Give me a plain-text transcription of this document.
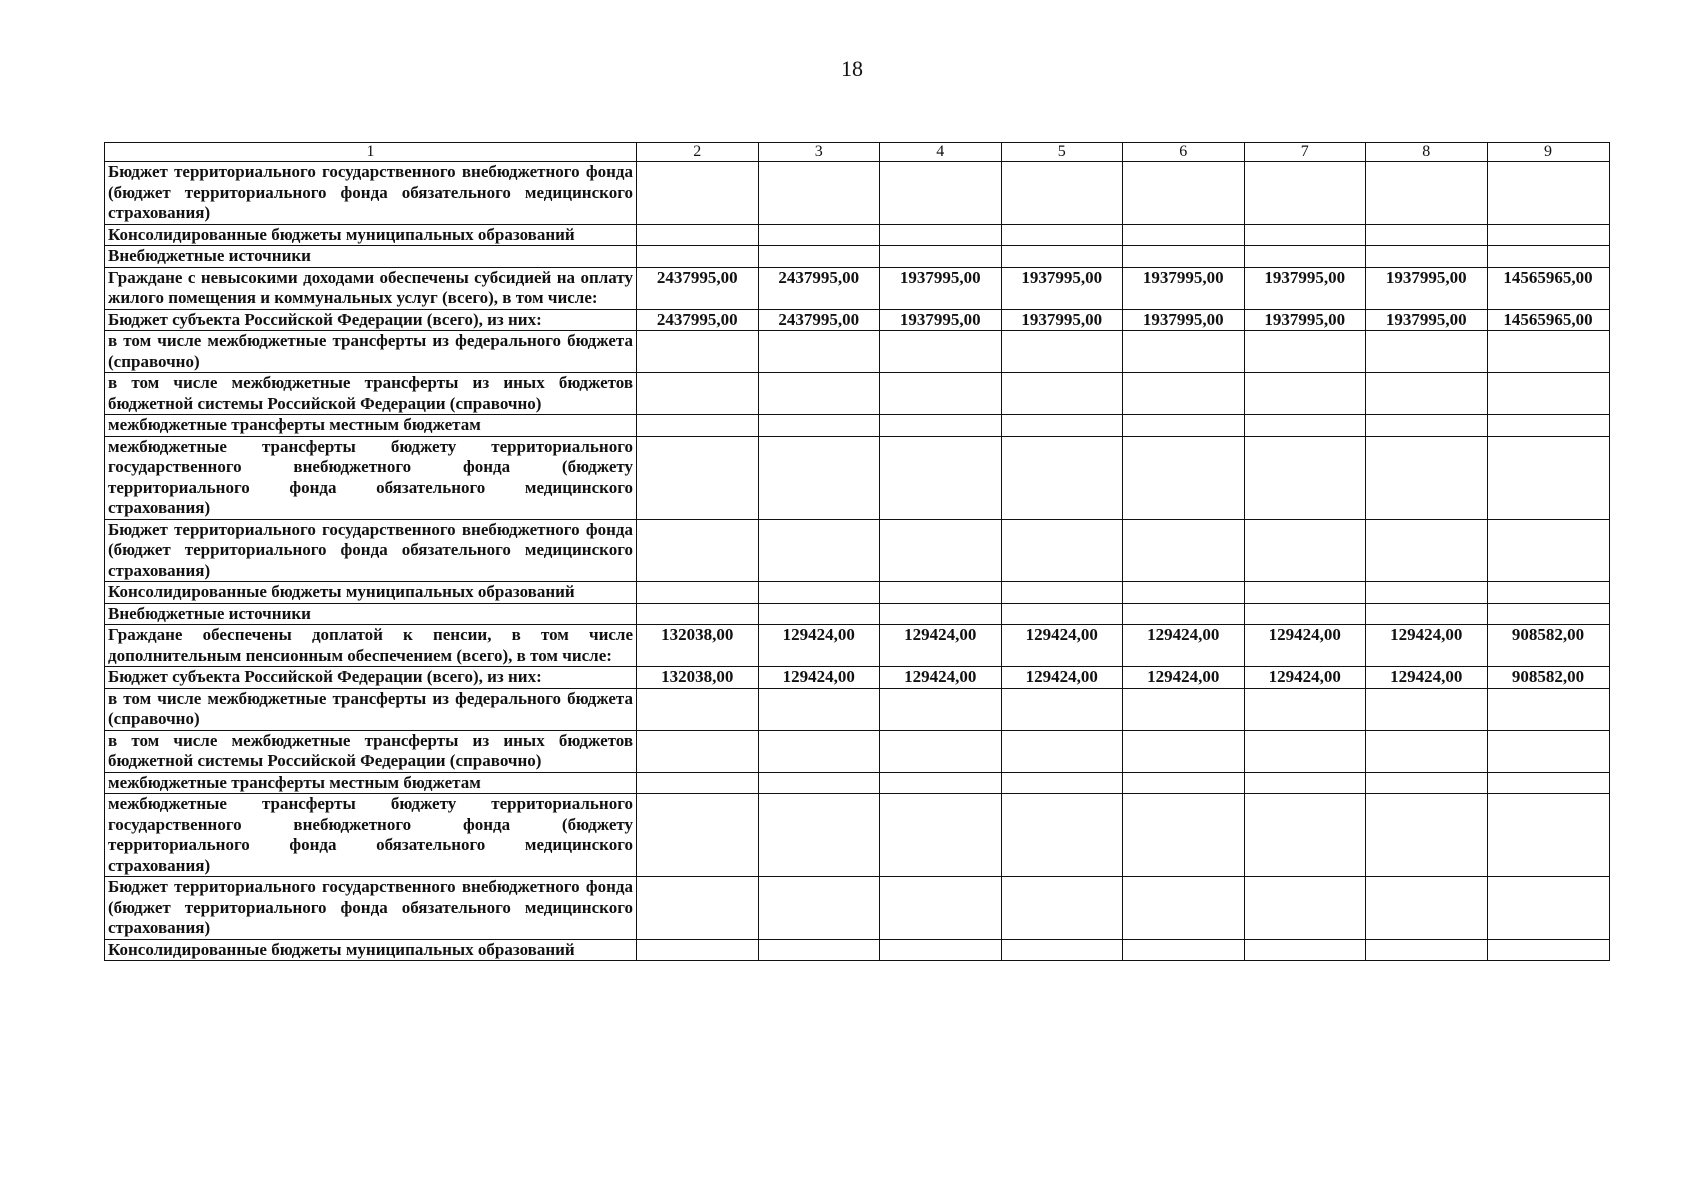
18
1	2	3	4	5	6	7	8	9
Бюджет территориального государственного внебюджетного фонда (бюджет территориального фонда обязательного медицинского страхования)								
Консолидированные бюджеты муниципальных образований								
Внебюджетные источники								
Граждане с невысокими доходами обеспечены субсидией на оплату жилого помещения и коммунальных услуг (всего), в том числе:	2437995,00	2437995,00	1937995,00	1937995,00	1937995,00	1937995,00	1937995,00	14565965,00
Бюджет субъекта Российской Федерации (всего), из них:	2437995,00	2437995,00	1937995,00	1937995,00	1937995,00	1937995,00	1937995,00	14565965,00
в том числе межбюджетные трансферты из федерального бюджета (справочно)								
в том числе межбюджетные трансферты из иных бюджетов бюджетной системы Российской Федерации (справочно)								
межбюджетные трансферты местным бюджетам								
межбюджетные трансферты бюджету территориального государственного внебюджетного фонда (бюджету территориального фонда обязательного медицинского страхования)								
Бюджет территориального государственного внебюджетного фонда (бюджет территориального фонда обязательного медицинского страхования)								
Консолидированные бюджеты муниципальных образований								
Внебюджетные источники								
Граждане обеспечены доплатой к пенсии, в том числе дополнительным пенсионным обеспечением (всего), в том числе:	132038,00	129424,00	129424,00	129424,00	129424,00	129424,00	129424,00	908582,00
Бюджет субъекта Российской Федерации (всего), из них:	132038,00	129424,00	129424,00	129424,00	129424,00	129424,00	129424,00	908582,00
в том числе межбюджетные трансферты из федерального бюджета (справочно)								
в том числе межбюджетные трансферты из иных бюджетов бюджетной системы Российской Федерации (справочно)								
межбюджетные трансферты местным бюджетам								
межбюджетные трансферты бюджету территориального государственного внебюджетного фонда (бюджету территориального фонда обязательного медицинского страхования)								
Бюджет территориального государственного внебюджетного фонда (бюджет территориального фонда обязательного медицинского страхования)								
Консолидированные бюджеты муниципальных образований								
